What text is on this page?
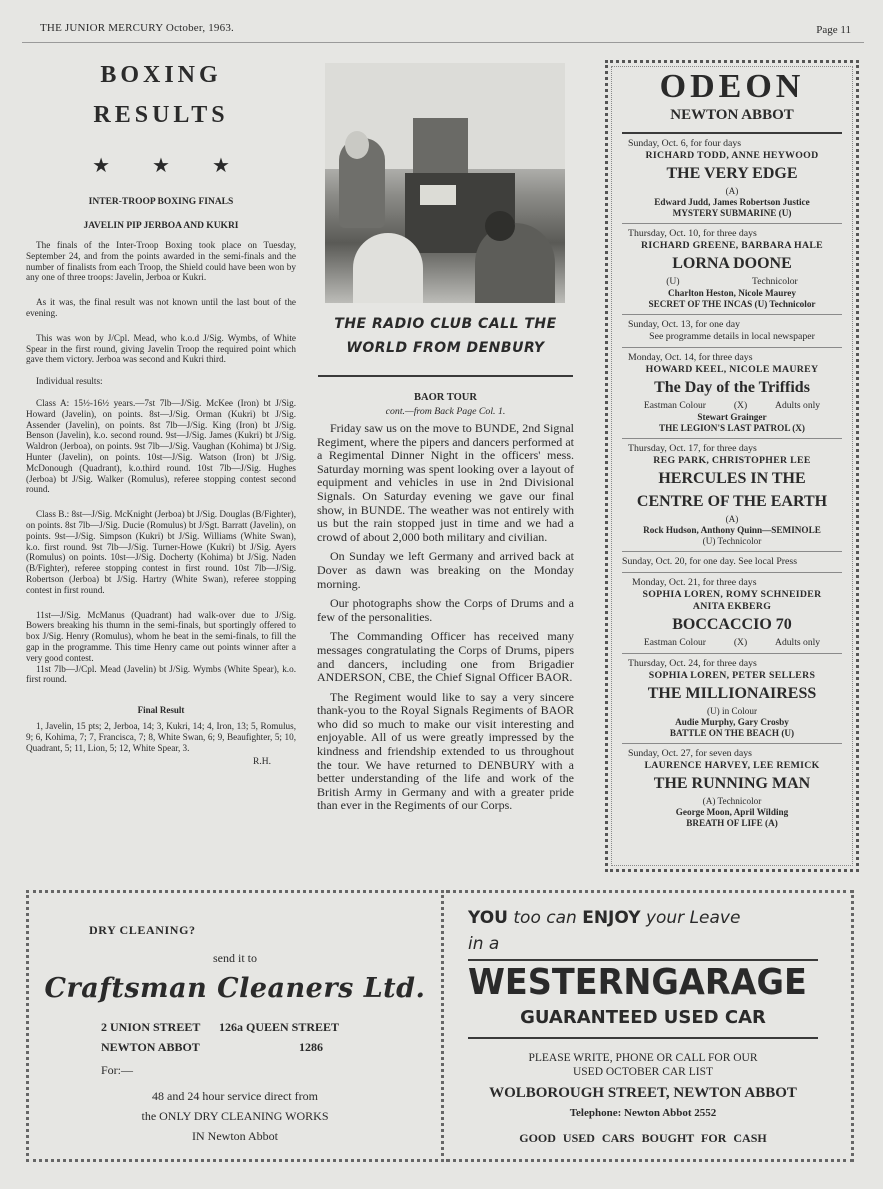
THE JUNIOR MERCURY October, 1963.	Page 11
BOXING
RESULTS
★ ★ ★
INTER-TROOP BOXING FINALS
JAVELIN PIP JERBOA AND KUKRI

The finals of the Inter-Troop Boxing took place on Tuesday, September 24, and from the points awarded in the semi-finals and the number of finalists from each Troop, the Shield could have been won by any one of three troops: Javelin, Jerboa or Kukri.

As it was, the final result was not known until the last bout of the evening.

This was won by J/Cpl. Mead, who k.o.d J/Sig. Wymbs, of White Spear in the first round, giving Javelin Troop the required point which gave them victory. Jerboa was second and Kukri third.

Individual results:

Class A: 15½-16½ years.—7st 7lb—J/Sig. McKee (Iron) bt J/Sig. Howard (Javelin), on points. 8st—J/Sig. Orman (Kukri) bt J/Sig. Assender (Javelin), on points. 8st 7lb—J/Sig. King (Iron) bt J/Sig. Benson (Javelin), k.o. second round. 9st—J/Sig. James (Kukri) bt J/Sig. Waldron (Jerboa), on points. 9st 7lb—J/Sig. Vaughan (Kohima) bt J/Sig. Hunter (Javelin), on points. 10st—J/Sig. Watson (Iron) bt J/Sig. McDonough (Quadrant), k.o.third round. 10st 7lb—J/Sig. Hughes (Jerboa) bt J/Sig. Walker (Romulus), referee stopping contest second round.

Class B.: 8st—J/Sig. McKnight (Jerboa) bt J/Sig. Douglas (B/Fighter), on points. 8st 7lb—J/Sig. Ducie (Romulus) bt J/Sgt. Barratt (Javelin), on points. 9st—J/Sig. Simpson (Kukri) bt J/Sig. Williams (White Swan), k.o. first round. 9st 7lb—J/Sig. Turner-Howe (Kukri) bt J/Sig. Ayers (Romulus) on points. 10st—J/Sig. Docherty (Kohima) bt J/Sig. Naden (B/Fighter), referee stopping contest in first round. 10st 7lb—J/Sig. Robertson (Jerboa) bt J/Sig. Hartry (White Swan), referee stopping contest in first round.

11st—J/Sig. McManus (Quadrant) had walk-over due to J/Sig. Bowers breaking his thumn in the semi-finals, but sportingly offered to box J/Sig. Henry (Romulus), whom he beat in the semi-finals, to fill the gap in the programme. This time Henry came out points winner after a very good contest.

11st 7lb—J/Cpl. Mead (Javelin) bt J/Sig. Wymbs (White Spear), k.o. first round.

Final Result

1, Javelin, 15 pts; 2, Jerboa, 14; 3, Kukri, 14; 4, Iron, 13; 5, Romulus, 9; 6, Kohima, 7; 7, Francisca, 7; 8, White Swan, 6; 9, Beaufighter, 5; 10, Quadrant, 5; 11, Lion, 5; 12, White Spear, 3.

R.H.
THE RADIO CLUB CALL THE
WORLD FROM DENBURY
BAOR TOUR
cont.—from Back Page Col. 1.

Friday saw us on the move to BUNDE, 2nd Signal Regiment, where the pipers and dancers performed at a Regimental Dinner Night in the officers' mess. Saturday morning was spent looking over a layout of equipment and vehicles in use in 2nd Divisional Signals. On Saturday evening we gave our final show, in BUNDE. The weather was not entirely with us but the rain stopped just in time and we had a crowd of about 2,000 both military and civilian.

On Sunday we left Germany and arrived back at Dover as dawn was breaking on the Monday morning.

Our photographs show the Corps of Drums and a few of the personalities.

The Commanding Officer has received many messages congratulating the Corps of Drums, pipers and dancers, including one from Brigadier ANDERSON, CBE, the Chief Signal Officer BAOR.

The Regiment would like to say a very sincere thank-you to the Royal Signals Regiments of BAOR who did so much to make our visit interesting and enjoyable. All of us were greatly impressed by the kindness and friendship extended to us throughout the tour. We have returned to DENBURY with a better understanding of the life and work of the British Army in Germany and with a greater pride than ever in the Regiments of our Corps.

ODEON
NEWTON ABBOT
Sunday, Oct. 6, for four days
RICHARD TODD, ANNE HEYWOOD
THE VERY EDGE
(A)
Edward Judd, James Robertson Justice
MYSTERY SUBMARINE (U)
Thursday, Oct. 10, for three days
RICHARD GREENE, BARBARA HALE
LORNA DOONE
(U)	Technicolor
Charlton Heston, Nicole Maurey
SECRET OF THE INCAS (U) Technicolor
Sunday, Oct. 13, for one day
See programme details in local newspaper
Monday, Oct. 14, for three days
HOWARD KEEL, NICOLE MAUREY
The Day of the Triffids
Eastman Colour	(X)	Adults only
Stewart Grainger
THE LEGION'S LAST PATROL (X)
Thursday, Oct. 17, for three days
REG PARK, CHRISTOPHER LEE
HERCULES IN THE
CENTRE OF THE EARTH
(A)
Rock Hudson, Anthony Quinn—SEMINOLE
(U) Technicolor
Sunday, Oct. 20, for one day. See local Press
Monday, Oct. 21, for three days
SOPHIA LOREN, ROMY SCHNEIDER
ANITA EKBERG
BOCCACCIO 70
Eastman Colour	(X)	Adults only
Thursday, Oct. 24, for three days
SOPHIA LOREN, PETER SELLERS
THE MILLIONAIRESS
(U) in Colour
Audie Murphy, Gary Crosby
BATTLE ON THE BEACH (U)
Sunday, Oct. 27, for seven days
LAURENCE HARVEY, LEE REMICK
THE RUNNING MAN
(A) Technicolor
George Moon, April Wilding
BREATH OF LIFE (A)
DRY CLEANING?
send it to
Craftsman Cleaners Ltd.
2 UNION STREET 126a QUEEN STREET
NEWTON ABBOT	1286
For:—
48 and 24 hour service direct from
the ONLY DRY CLEANING WORKS
IN Newton Abbot
YOU too can ENJOY your Leave
in a
WESTERN GARAGE
GUARANTEED USED CAR
PLEASE WRITE, PHONE OR CALL FOR OUR
USED OCTOBER CAR LIST
WOLBOROUGH STREET, NEWTON ABBOT
Telephone: Newton Abbot 2552
GOOD USED CARS BOUGHT FOR CASH
